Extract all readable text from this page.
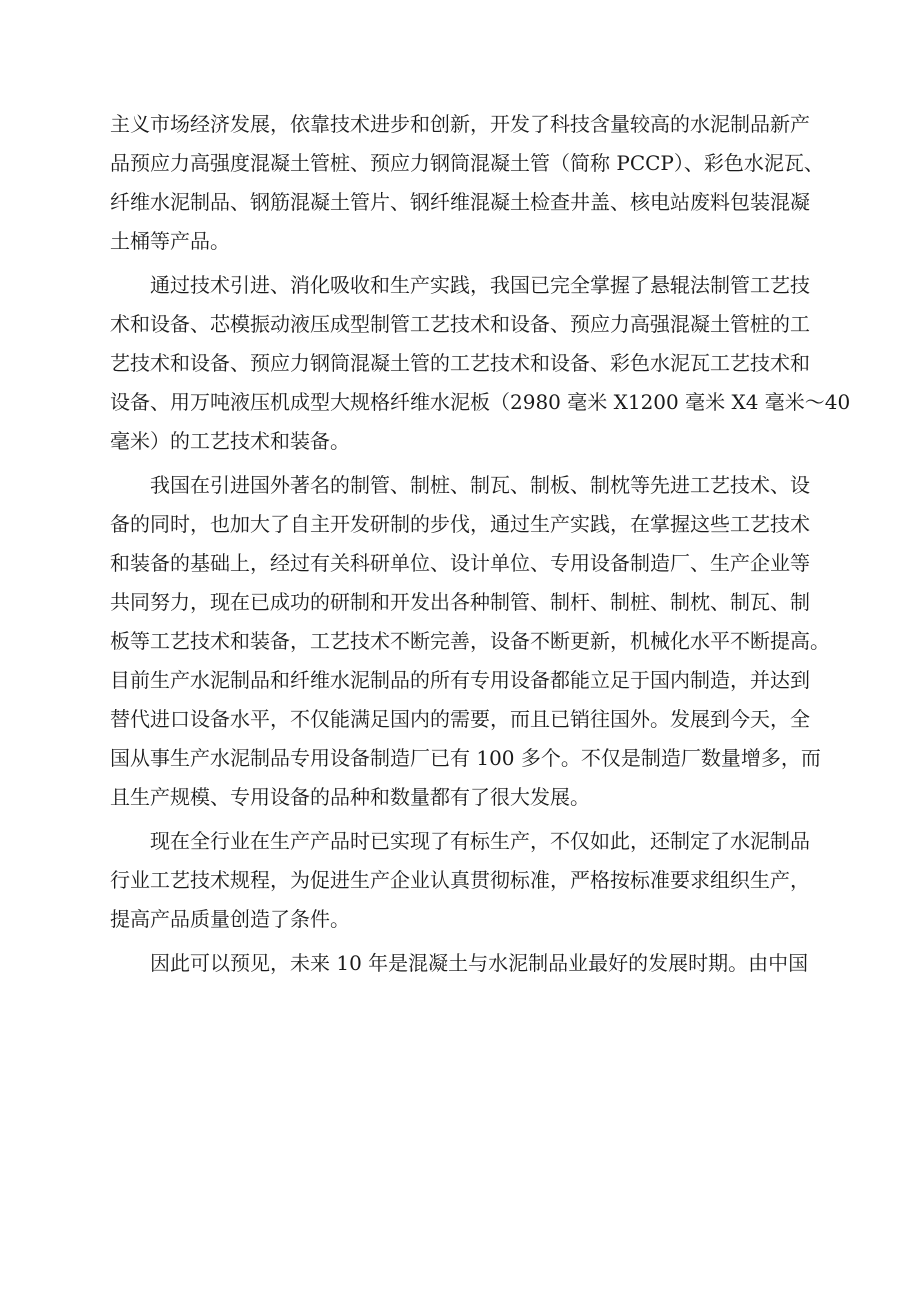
主义市场经济发展，依靠技术进步和创新，开发了科技含量较高的水泥制品新产
品预应力高强度混凝土管桩、预应力钢筒混凝土管（简称 PCCP）、彩色水泥瓦、
纤维水泥制品、钢筋混凝土管片、钢纤维混凝土检查井盖、核电站废料包装混凝
土桶等产品。
通过技术引进、消化吸收和生产实践，我国已完全掌握了悬辊法制管工艺技
术和设备、芯模振动液压成型制管工艺技术和设备、预应力高强混凝土管桩的工
艺技术和设备、预应力钢筒混凝土管的工艺技术和设备、彩色水泥瓦工艺技术和
设备、用万吨液压机成型大规格纤维水泥板（2980 毫米 X1200 毫米 X4 毫米～40
毫米）的工艺技术和装备。
我国在引进国外著名的制管、制桩、制瓦、制板、制枕等先进工艺技术、设
备的同时，也加大了自主开发研制的步伐，通过生产实践，在掌握这些工艺技术
和装备的基础上，经过有关科研单位、设计单位、专用设备制造厂、生产企业等
共同努力，现在已成功的研制和开发出各种制管、制杆、制桩、制枕、制瓦、制
板等工艺技术和装备，工艺技术不断完善，设备不断更新，机械化水平不断提高。
目前生产水泥制品和纤维水泥制品的所有专用设备都能立足于国内制造，并达到
替代进口设备水平，不仅能满足国内的需要，而且已销往国外。发展到今天，全
国从事生产水泥制品专用设备制造厂已有 100 多个。不仅是制造厂数量增多，而
且生产规模、专用设备的品种和数量都有了很大发展。
现在全行业在生产产品时已实现了有标生产，不仅如此，还制定了水泥制品
行业工艺技术规程，为促进生产企业认真贯彻标准，严格按标准要求组织生产，
提高产品质量创造了条件。
因此可以预见，未来 10 年是混凝土与水泥制品业最好的发展时期。由中国
